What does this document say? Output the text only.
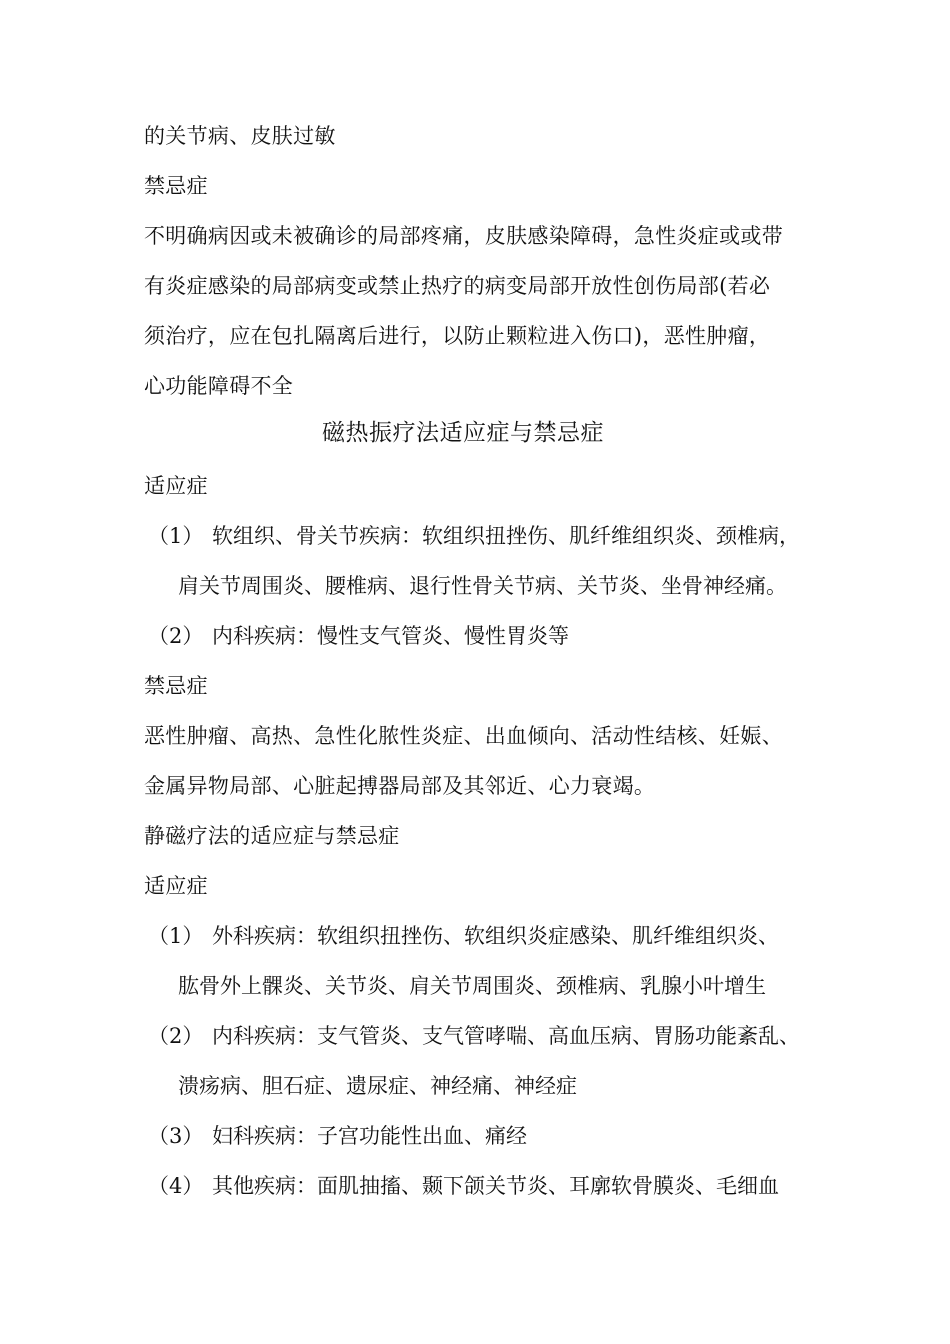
的关节病、皮肤过敏
禁忌症
不明确病因或未被确诊的局部疼痛，皮肤感染障碍，急性炎症或或带
有炎症感染的局部病变或禁止热疗的病变局部开放性创伤局部(若必
须治疗，应在包扎隔离后进行，以防止颗粒进入伤口)，恶性肿瘤，
心功能障碍不全
磁热振疗法适应症与禁忌症
适应症
（1） 软组织、骨关节疾病：软组织扭挫伤、肌纤维组织炎、颈椎病，
肩关节周围炎、腰椎病、退行性骨关节病、关节炎、坐骨神经痛。
（2） 内科疾病：慢性支气管炎、慢性胃炎等
禁忌症
恶性肿瘤、高热、急性化脓性炎症、出血倾向、活动性结核、妊娠、
金属异物局部、心脏起搏器局部及其邻近、心力衰竭。
静磁疗法的适应症与禁忌症
适应症
（1） 外科疾病：软组织扭挫伤、软组织炎症感染、肌纤维组织炎、
肱骨外上髁炎、关节炎、肩关节周围炎、颈椎病、乳腺小叶增生
（2） 内科疾病：支气管炎、支气管哮喘、高血压病、胃肠功能紊乱、
溃疡病、胆石症、遗尿症、神经痛、神经症
（3） 妇科疾病：子宫功能性出血、痛经
（4） 其他疾病：面肌抽搐、颞下颌关节炎、耳廓软骨膜炎、毛细血
